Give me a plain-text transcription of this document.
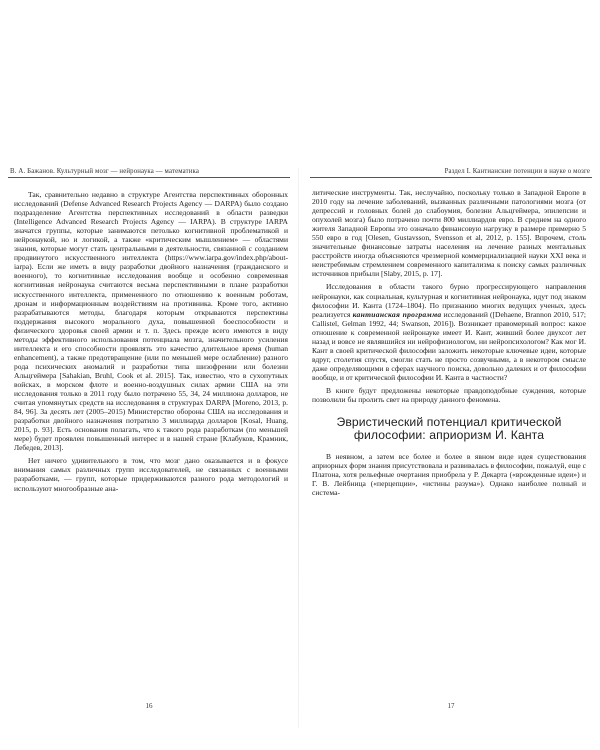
В. А. Бажанов. Культурный мозг — нейронаука — математика

Так, сравнительно недавно в структуре Агентства перспективных оборонных исследований (Defense Advanced Research Projects Agency — DARPA) было создано подразделение Агентства перспективных исследований в области разведки (Intelligence Advanced Research Projects Agency — IARPA). В структуре IARPA значатся группы, которые занимаются петолько когнитивной проблематикой и нейронаукой, но и логикой, а также «критическим мышлением» — областями знания, которые могут стать центральными в деятельности, связанной с созданием продвинутого искусственного интеллекта (https://www.iarpa.gov/index.php/about-iarpa). Если же иметь в виду разработки двойного назначения (гражданского и военного), то когнитивные исследования вообще и особенно современная когнитивная нейронаука считаются весьма перспективными в плане разработки искусственного интеллекта, примененного по отношению к военным роботам, дронам и информационным воздействиям на противника. Кроме того, активно разрабатываются методы, благодаря которым открываются перспективы поддержания высокого морального духа, повышенной боеспособности и физического здоровья своей армии и т. п. Здесь прежде всего имеются в виду методы эффективного использования потенциала мозга, значительного усиления интеллекта и его способности проявлять это качество длительное время (human enhancement), а также предотвращение (или по меньшей мере ослабление) разного рода психических аномалий и разработки типа шизофрении или болезни Альцгеймера [Sahakian, Bruhl, Cook et al. 2015]. Так, известно, что в сухопутных войсках, в морском флоте и военно-воздушных силах армии США на эти исследования только в 2011 году было потрачено 55, 34, 24 миллиона долларов, не считая упомянутых средств на исследования в структурах DARPA [Moreno, 2013, p. 84, 96]. За десять лет (2005–2015) Министерство обороны США на исследования и разработки двойного назначения потратило 3 миллиарда долларов [Kosal, Huang, 2015, p. 93]. Есть основания полагать, что к такого рода разработкам (по меньшей мере) будет проявлен повышенный интерес и в нашей стране [Клабуков, Крамник, Лебедев, 2013].

Нет ничего удивительного в том, что мозг дано оказывается и в фокусе внимания самых различных групп исследователей, не связанных с военными разработками, — групп, которые придерживаются разного рода методологий и используют многообразные ана-

16
Раздел I. Кантианские потенции в науке о мозге

литические инструменты. Так, неслучайно, поскольку только в Западной Европе в 2010 году на лечение заболеваний, вызванных различными патологиями мозга (от депрессий и головных болей до слабоумия, болезни Альцгеймера, эпилепсии и опухолей мозга) было потрачено почти 800 миллиардов евро. В среднем на одного жителя Западной Европы это означало финансовую нагрузку в размере примерно 5 550 евро в год [Olesen, Gustavsson, Svensson et al, 2012, p. 155]. Впрочем, столь значительные финансовые затраты населения на лечение разных ментальных расстройств иногда объясняются чрезмерной коммерциализацией науки XXI века и неистребимым стремлением современного капитализма к поиску самых различных источников прибыли [Slaby, 2015, p. 17].

Исследования в области такого бурно прогрессирующего направления нейронауки, как социальная, культурная и когнитивная нейронаука, идут под знаком философии И. Канта (1724–1804). По признанию многих ведущих ученых, здесь реализуется кантианская программа исследований ([Dehaene, Brannon 2010, 517; Callistel, Gelman 1992, 44; Swanson, 2016]). Возникает правомерный вопрос: какое отношение к современной нейронауке имеет И. Кант, живший более двухсот лет назад и вовсе не являвшийся ни нейрофизиологом, ни нейропсихологом? Как мог И. Кант в своей критической философии заложить некоторые ключевые идеи, которые вдруг, столетия спустя, смогли стать не просто созвучными, а в некотором смысле даже определяющими в сферах научного поиска, довольно далеких и от философии вообще, и от критической философии И. Канта в частности?

В книге будут предложены некоторые правдоподобные суждения, которые позволили бы пролить свет на природу данного феномена.

Эвристический потенциал критической философии: априоризм И. Канта

В неявном, а затем все более и более в явном виде идея существования априорных форм знания присутствовала и развивалась в философии, пожалуй, еще с Платона, хотя рельефные очертания приобрела у Р. Декарта («врожденные идеи») и Г. В. Лейбница («перцепции», «истины разума»). Однако наиболее полный и система-

17
